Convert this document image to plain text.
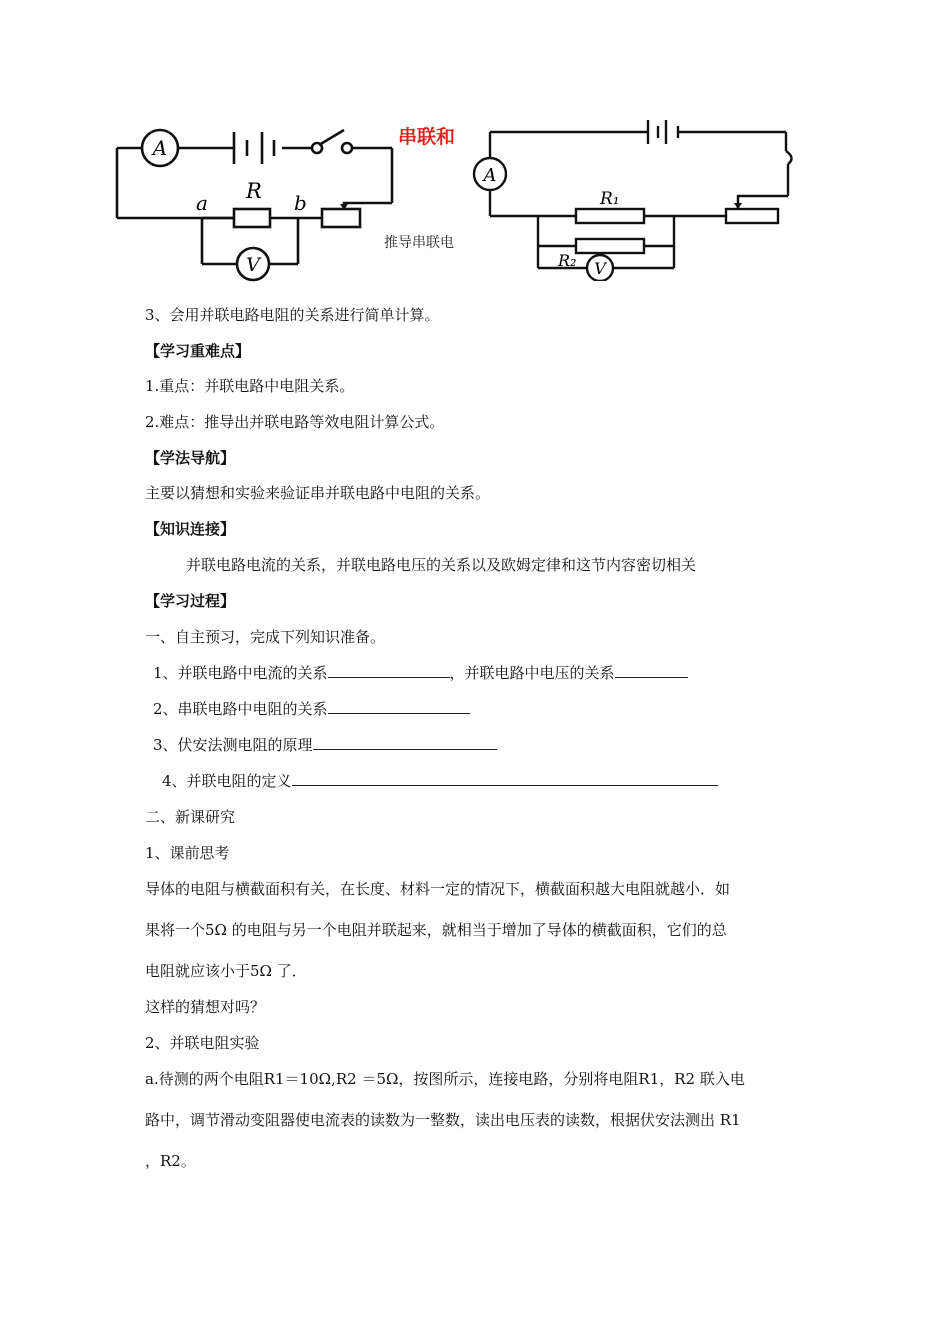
A
V
R
a	b
A
V
R₁
R₂
串联和
推导串联电
3、会用并联电路电阻的关系进行简单计算。
【学习重难点】
1.重点：并联电路中电阻关系。
2.难点：推导出并联电路等效电阻计算公式。
【学法导航】
主要以猜想和实验来验证串并联电路中电阻的关系。
【知识连接】
并联电路电流的关系，并联电路电压的关系以及欧姆定律和这节内容密切相关
【学习过程】
一、自主预习，完成下列知识准备。
1、并联电路中电流的关系	，并联电路中电压的关系
2、串联电路中电阻的关系
3、伏安法测电阻的原理
4、并联电阻的定义
二、新课研究
1、课前思考
导体的电阻与横截面积有关，在长度、材料一定的情况下，横截面积越大电阻就越小．如
果将一个5Ω 的电阻与另一个电阻并联起来，就相当于增加了导体的横截面积，它们的总
电阻就应该小于5Ω 了．
这样的猜想对吗？
2、并联电阻实验
a.待测的两个电阻R1＝10Ω,R2 ＝5Ω，按图所示，连接电路，分别将电阻R1，R2 联入电
路中，调节滑动变阻器使电流表的读数为一整数，读出电压表的读数，根据伏安法测出 R1
，R2。
